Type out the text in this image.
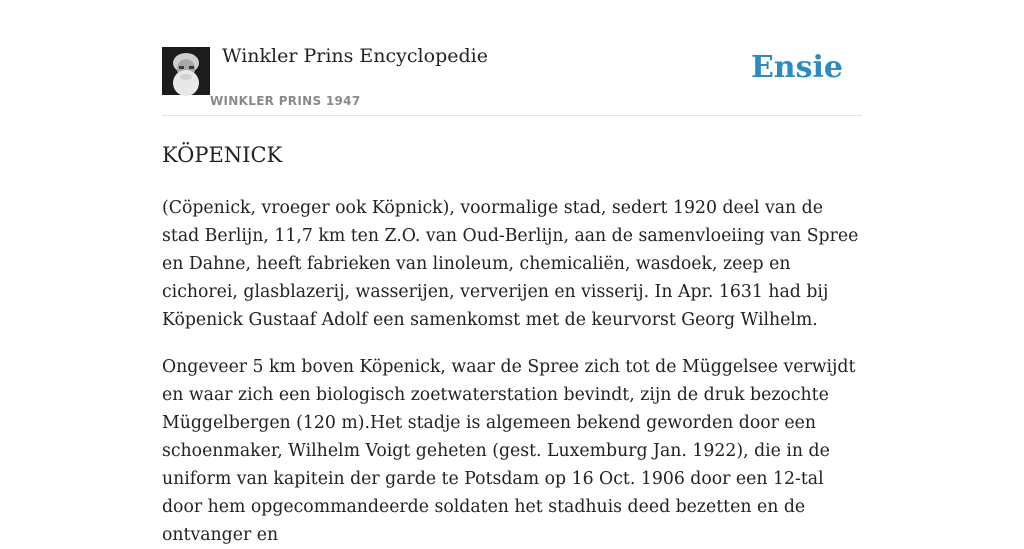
Winkler Prins Encyclopedie
WINKLER PRINS 1947
Ensie
KÖPENICK

(Cöpenick, vroeger ook Köpnick), voormalige stad, sedert 1920 deel van de stad Berlijn, 11,7 km ten Z.O. van Oud-Berlijn, aan de samenvloeiing van Spree en Dahne, heeft fabrieken van linoleum, chemicaliën, wasdoek, zeep en cichorei, glasblazerij, wasserijen, ververijen en visserij. In Apr. 1631 had bij Köpenick Gustaaf Adolf een samenkomst met de keurvorst Georg Wilhelm.

Ongeveer 5 km boven Köpenick, waar de Spree zich tot de Müggelsee verwijdt en waar zich een biologisch zoetwaterstation bevindt, zijn de druk bezochte Müggelbergen (120 m).Het stadje is algemeen bekend geworden door een schoenmaker, Wilhelm Voigt geheten (gest. Luxemburg Jan. 1922), die in de uniform van kapitein der garde te Potsdam op 16 Oct. 1906 door een 12-tal door hem opgecommandeerde soldaten het stadhuis deed bezetten en de ontvanger en
